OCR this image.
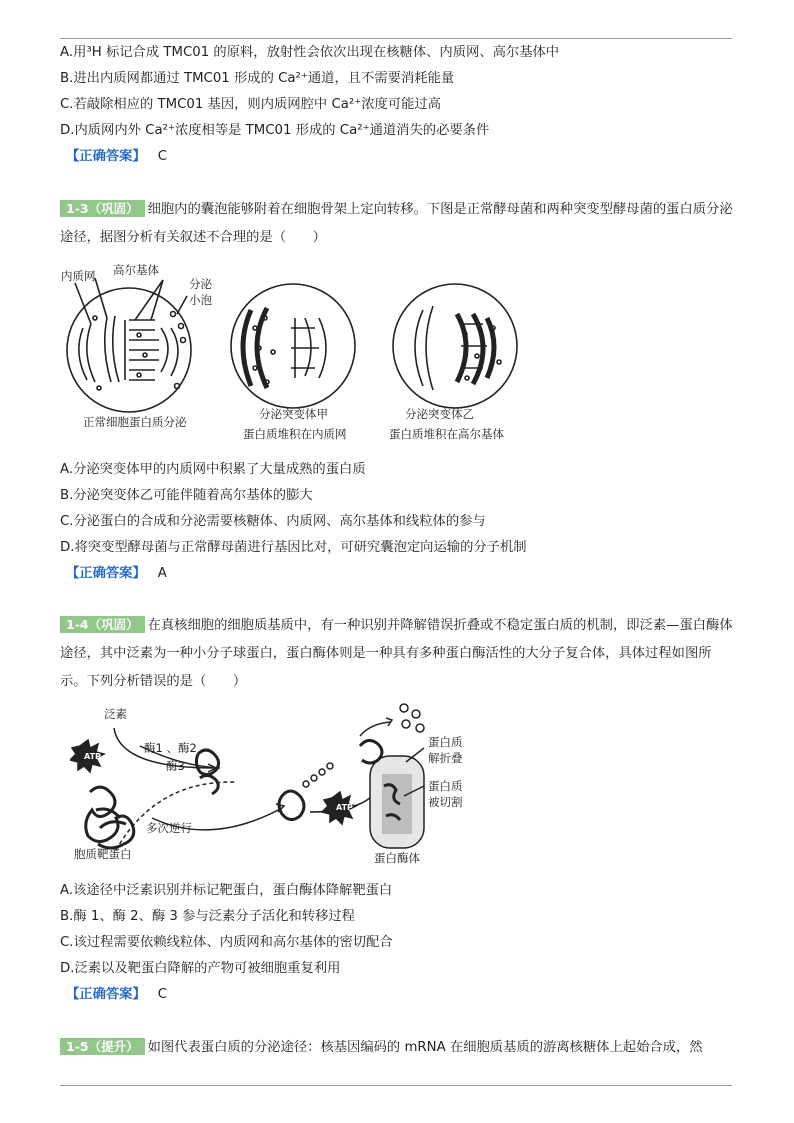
A.用³H 标记合成 TMC01 的原料，放射性会依次出现在核糖体、内质网、高尔基体中
B.进出内质网都通过 TMC01 形成的 Ca²⁺通道，且不需要消耗能量
C.若敲除相应的 TMC01 基因，则内质网腔中 Ca²⁺浓度可能过高
D.内质网内外 Ca²⁺浓度相等是 TMC01 形成的 Ca²⁺通道消失的必要条件
【正确答案】 C
1-3（巩固） 细胞内的囊泡能够附着在细胞骨架上定向转移。下图是正常酵母菌和两种突变型酵母菌的蛋白质分泌途径，据图分析有关叙述不合理的是（　　）
内质网 高尔基体
分泌
小泡
正常细胞蛋白质分泌
分泌突变体甲
蛋白质堆积在内质网
分泌突变体乙
蛋白质堆积在高尔基体
A.分泌突变体甲的内质网中积累了大量成熟的蛋白质
B.分泌突变体乙可能伴随着高尔基体的膨大
C.分泌蛋白的合成和分泌需要核糖体、内质网、高尔基体和线粒体的参与
D.将突变型酵母菌与正常酵母菌进行基因比对，可研究囊泡定向运输的分子机制
【正确答案】 A
1-4（巩固） 在真核细胞的细胞质基质中，有一种识别并降解错误折叠或不稳定蛋白质的机制，即泛素—蛋白酶体途径，其中泛素为一种小分子球蛋白，蛋白酶体则是一种具有多种蛋白酶活性的大分子复合体，具体过程如图所示。下列分析错误的是（　　）
泛素
ATP
酶1 、酶2
酶3
多次逆行
胞质靶蛋白
ATP
蛋白质
解折叠
蛋白质
被切割
蛋白酶体
A.该途径中泛素识别并标记靶蛋白，蛋白酶体降解靶蛋白
B.酶 1、酶 2、酶 3 参与泛素分子活化和转移过程
C.该过程需要依赖线粒体、内质网和高尔基体的密切配合
D.泛素以及靶蛋白降解的产物可被细胞重复利用
【正确答案】 C
1-5（提升） 如图代表蛋白质的分泌途径：核基因编码的 mRNA 在细胞质基质的游离核糖体上起始合成，然
